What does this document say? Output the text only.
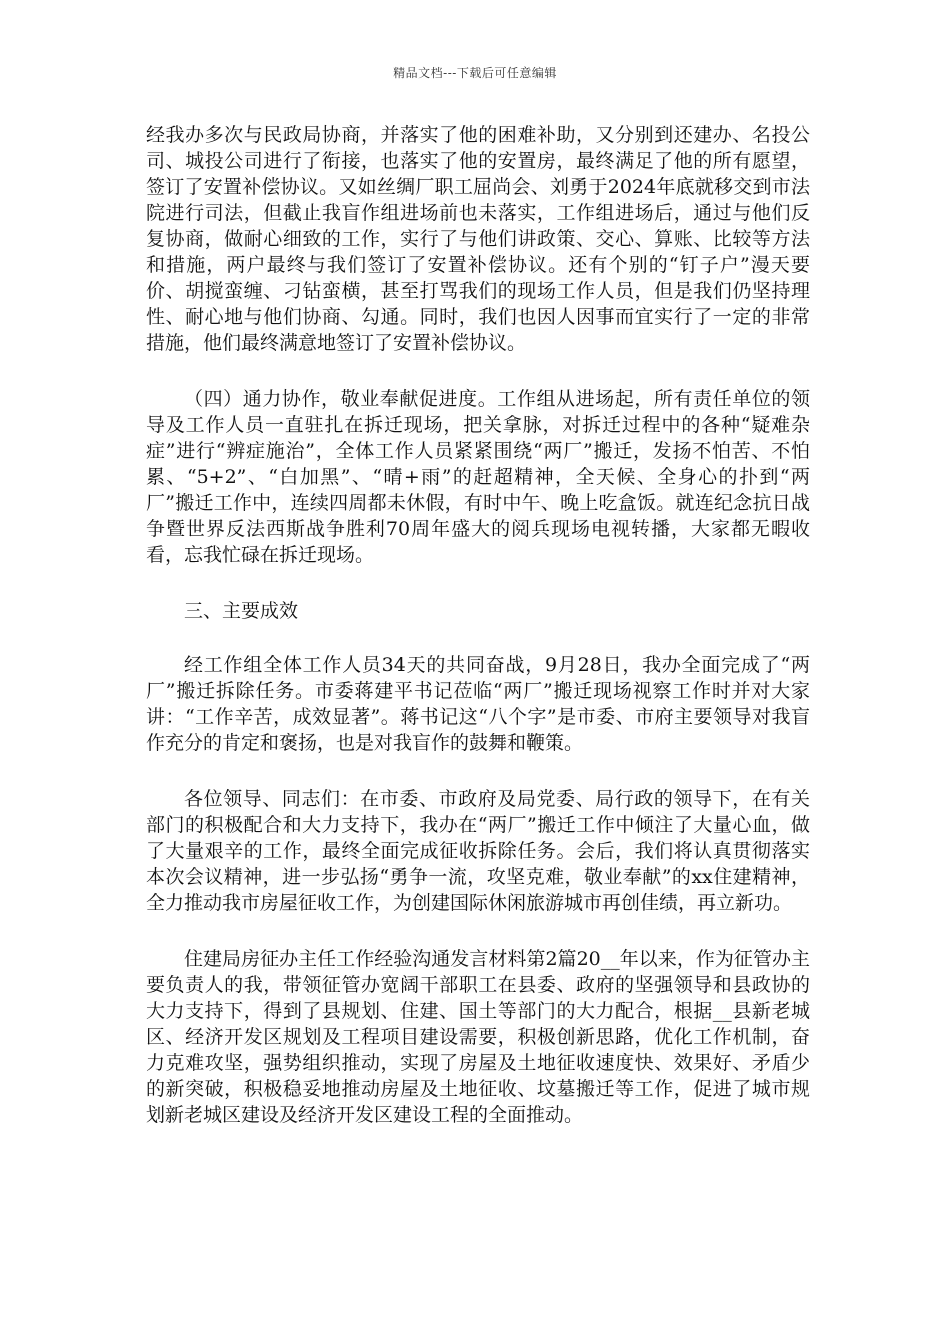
精品文档---下载后可任意编辑

经我办多次与民政局协商，并落实了他的困难补助，又分别到还建办、名投公司、城投公司进行了衔接，也落实了他的安置房，最终满足了他的所有愿望，签订了安置补偿协议。又如丝绸厂职工屈尚会、刘勇于2024年底就移交到市法院进行司法，但截止我盲作组进场前也未落实，工作组进场后，通过与他们反复协商，做耐心细致的工作，实行了与他们讲政策、交心、算账、比较等方法和措施，两户最终与我们签订了安置补偿协议。还有个别的“钉子户”漫天要价、胡搅蛮缠、刁钻蛮横，甚至打骂我们的现场工作人员，但是我们仍坚持理性、耐心地与他们协商、勾通。同时，我们也因人因事而宜实行了一定的非常措施，他们最终满意地签订了安置补偿协议。

（四）通力协作，敬业奉献促进度。工作组从进场起，所有责任单位的领导及工作人员一直驻扎在拆迁现场，把关拿脉，对拆迁过程中的各种“疑难杂症”进行“辨症施治”，全体工作人员紧紧围绕“两厂”搬迁，发扬不怕苦、不怕累、“5+2”、“白加黑”、“晴+雨”的赶超精神，全天候、全身心的扑到“两厂”搬迁工作中，连续四周都未休假，有时中午、晚上吃盒饭。就连纪念抗日战争暨世界反法西斯战争胜利70周年盛大的阅兵现场电视转播，大家都无暇收看，忘我忙碌在拆迁现场。

三、主要成效

经工作组全体工作人员34天的共同奋战，9月28日，我办全面完成了“两厂”搬迁拆除任务。市委蒋建平书记莅临“两厂”搬迁现场视察工作时并对大家讲：“工作辛苦，成效显著”。蒋书记这“八个字”是市委、市府主要领导对我盲作充分的肯定和褒扬，也是对我盲作的鼓舞和鞭策。

各位领导、同志们：在市委、市政府及局党委、局行政的领导下，在有关部门的积极配合和大力支持下，我办在“两厂”搬迁工作中倾注了大量心血，做了大量艰辛的工作，最终全面完成征收拆除任务。会后，我们将认真贯彻落实本次会议精神，进一步弘扬“勇争一流，攻坚克难，敬业奉献”的xx住建精神，全力推动我市房屋征收工作，为创建国际休闲旅游城市再创佳绩，再立新功。

住建局房征办主任工作经验沟通发言材料第2篇20__年以来，作为征管办主要负责人的我，带领征管办宽阔干部职工在县委、政府的坚强领导和县政协的大力支持下，得到了县规划、住建、国土等部门的大力配合，根据__县新老城区、经济开发区规划及工程项目建设需要，积极创新思路，优化工作机制，奋力克难攻坚，强势组织推动，实现了房屋及土地征收速度快、效果好、矛盾少的新突破，积极稳妥地推动房屋及土地征收、坟墓搬迁等工作，促进了城市规划新老城区建设及经济开发区建设工程的全面推动。
